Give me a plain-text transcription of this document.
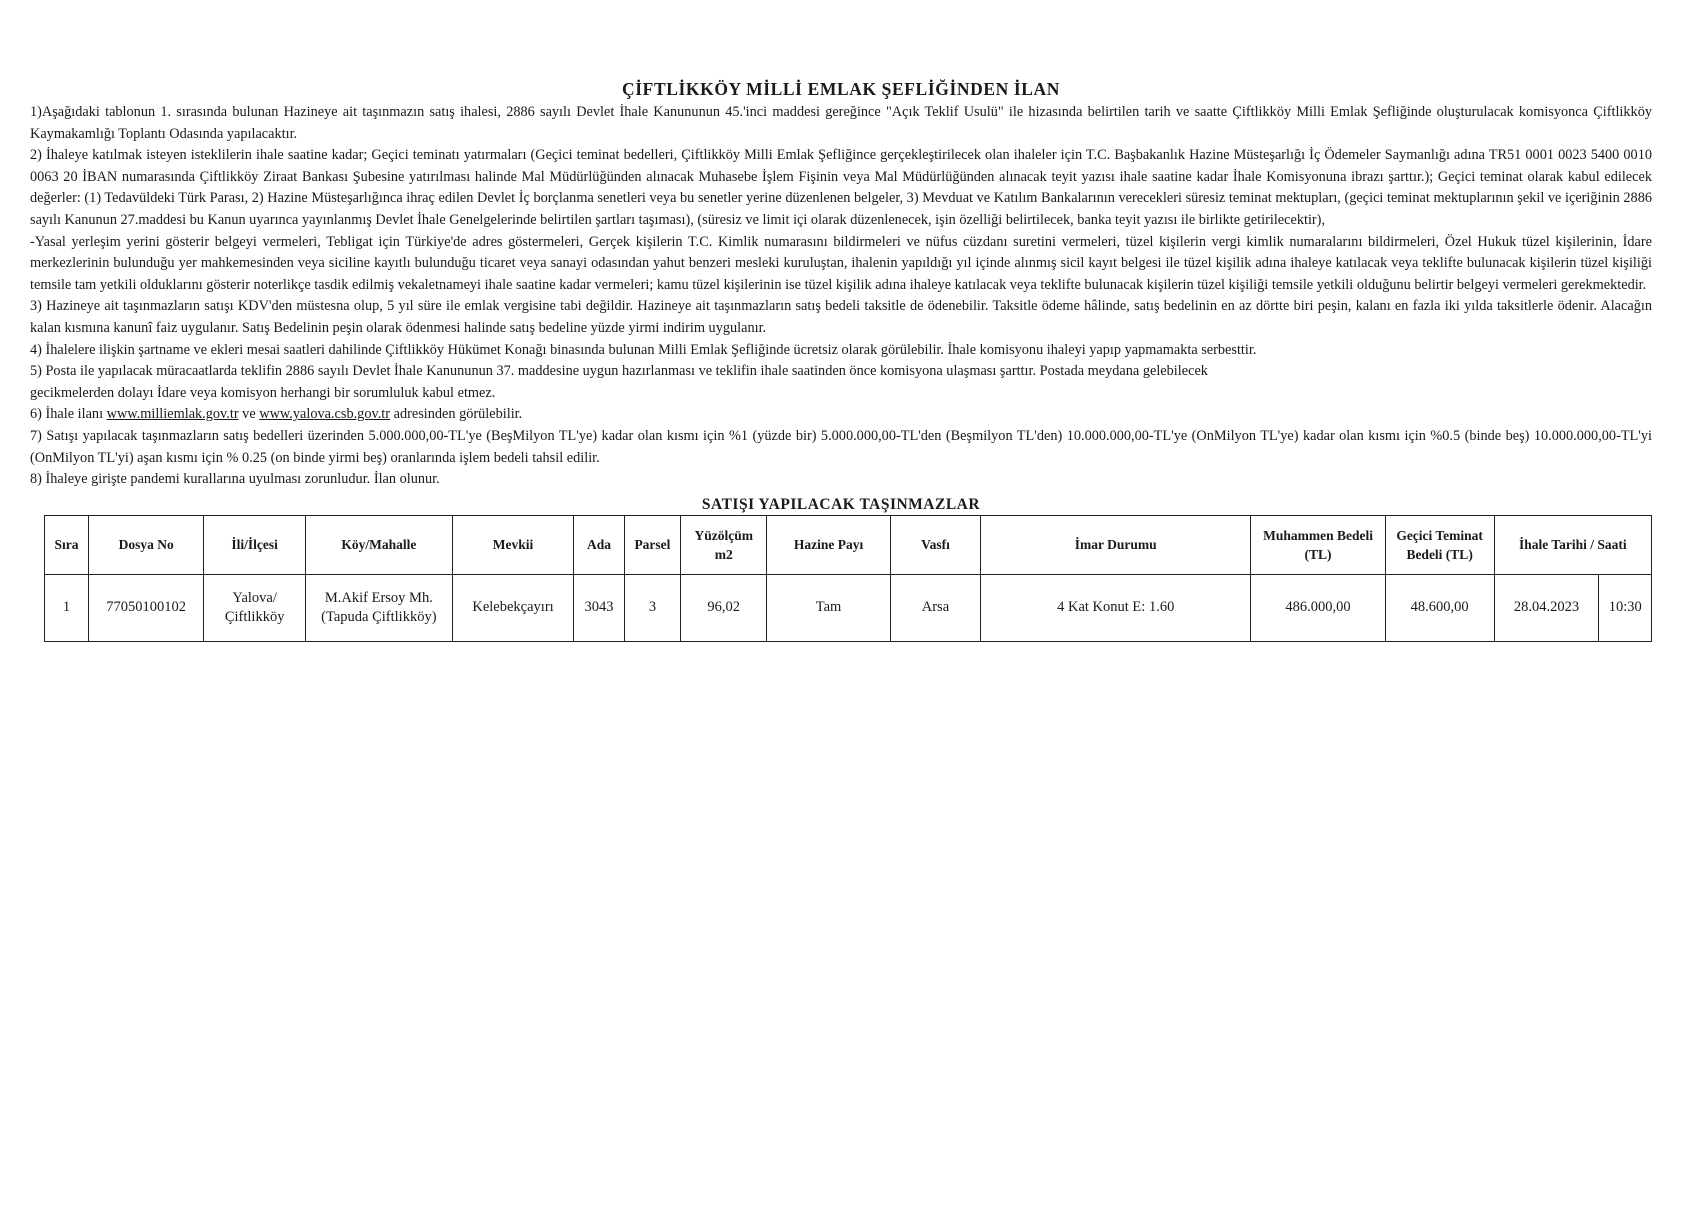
ÇİFTLİKKÖY MİLLİ EMLAK ŞEFLİĞİNDEN İLAN

1)Aşağıdaki tablonun 1. sırasında bulunan Hazineye ait taşınmazın satış ihalesi, 2886 sayılı Devlet İhale Kanununun 45.'inci maddesi gereğince "Açık Teklif Usulü" ile hizasında belirtilen tarih ve saatte Çiftlikköy Milli Emlak Şefliğinde oluşturulacak komisyonca Çiftlikköy Kaymakamlığı Toplantı Odasında yapılacaktır.

2) İhaleye katılmak isteyen isteklilerin ihale saatine kadar; Geçici teminatı yatırmaları (Geçici teminat bedelleri, Çiftlikköy Milli Emlak Şefliğince gerçekleştirilecek olan ihaleler için T.C. Başbakanlık Hazine Müsteşarlığı İç Ödemeler Saymanlığı adına TR51 0001 0023 5400 0010 0063 20 İBAN numarasında Çiftlikköy Ziraat Bankası Şubesine yatırılması halinde Mal Müdürlüğünden alınacak Muhasebe İşlem Fişinin veya Mal Müdürlüğünden alınacak teyit yazısı ihale saatine kadar İhale Komisyonuna ibrazı şarttır.); Geçici teminat olarak kabul edilecek değerler: (1) Tedavüldeki Türk Parası, 2) Hazine Müsteşarlığınca ihraç edilen Devlet İç borçlanma senetleri veya bu senetler yerine düzenlenen belgeler, 3) Mevduat ve Katılım Bankalarının verecekleri süresiz teminat mektupları, (geçici teminat mektuplarının şekil ve içeriğinin 2886 sayılı Kanunun 27.maddesi bu Kanun uyarınca yayınlanmış Devlet İhale Genelgelerinde belirtilen şartları taşıması), (süresiz ve limit içi olarak düzenlenecek, işin özelliği belirtilecek, banka teyit yazısı ile birlikte getirilecektir),

-Yasal yerleşim yerini gösterir belgeyi vermeleri, Tebligat için Türkiye'de adres göstermeleri, Gerçek kişilerin T.C. Kimlik numarasını bildirmeleri ve nüfus cüzdanı suretini vermeleri, tüzel kişilerin vergi kimlik numaralarını bildirmeleri, Özel Hukuk tüzel kişilerinin, İdare merkezlerinin bulunduğu yer mahkemesinden veya siciline kayıtlı bulunduğu ticaret veya sanayi odasından yahut benzeri mesleki kuruluştan, ihalenin yapıldığı yıl içinde alınmış sicil kayıt belgesi ile tüzel kişilik adına ihaleye katılacak veya teklifte bulunacak kişilerin tüzel kişiliği temsile tam yetkili olduklarını gösterir noterlikçe tasdik edilmiş vekaletnameyi ihale saatine kadar vermeleri; kamu tüzel kişilerinin ise tüzel kişilik adına ihaleye katılacak veya teklifte bulunacak kişilerin tüzel kişiliği temsile yetkili olduğunu belirtir belgeyi vermeleri gerekmektedir.

3) Hazineye ait taşınmazların satışı KDV'den müstesna olup, 5 yıl süre ile emlak vergisine tabi değildir. Hazineye ait taşınmazların satış bedeli taksitle de ödenebilir. Taksitle ödeme hâlinde, satış bedelinin en az dörtte biri peşin, kalanı en fazla iki yılda taksitlerle ödenir. Alacağın kalan kısmına kanunî faiz uygulanır. Satış Bedelinin peşin olarak ödenmesi halinde satış bedeline yüzde yirmi indirim uygulanır.

4) İhalelere ilişkin şartname ve ekleri mesai saatleri dahilinde Çiftlikköy Hükümet Konağı binasında bulunan Milli Emlak Şefliğinde ücretsiz olarak görülebilir. İhale komisyonu ihaleyi yapıp yapmamakta serbesttir.

5) Posta ile yapılacak müracaatlarda teklifin 2886 sayılı Devlet İhale Kanununun 37. maddesine uygun hazırlanması ve teklifin ihale saatinden önce komisyona ulaşması şarttır. Postada meydana gelebilecek

gecikmelerden dolayı İdare veya komisyon herhangi bir sorumluluk kabul etmez.

6) İhale ilanı www.milliemlak.gov.tr ve www.yalova.csb.gov.tr adresinden görülebilir.

7) Satışı yapılacak taşınmazların satış bedelleri üzerinden 5.000.000,00-TL'ye (BeşMilyon TL'ye) kadar olan kısmı için %1 (yüzde bir) 5.000.000,00-TL'den (Beşmilyon TL'den) 10.000.000,00-TL'ye (OnMilyon TL'ye) kadar olan kısmı için %0.5 (binde beş) 10.000.000,00-TL'yi (OnMilyon TL'yi) aşan kısmı için % 0.25 (on binde yirmi beş) oranlarında işlem bedeli tahsil edilir.

8) İhaleye girişte pandemi kurallarına uyulması zorunludur. İlan olunur.

SATIŞI YAPILACAK TAŞINMAZLAR
Sıra	Dosya No	İli/İlçesi	Köy/Mahalle	Mevkii	Ada	Parsel	Yüzölçüm m2	Hazine Payı	Vasfı	İmar Durumu	Muhammen Bedeli (TL)	Geçici Teminat Bedeli (TL)	İhale Tarihi / Saati	
1	77050100102	Yalova/ Çiftlikköy	M.Akif Ersoy Mh. (Tapuda Çiftlikköy)	Kelebekçayırı	3043	3	96,02	Tam	Arsa	4 Kat Konut E: 1.60	486.000,00	48.600,00	28.04.2023	10:30
